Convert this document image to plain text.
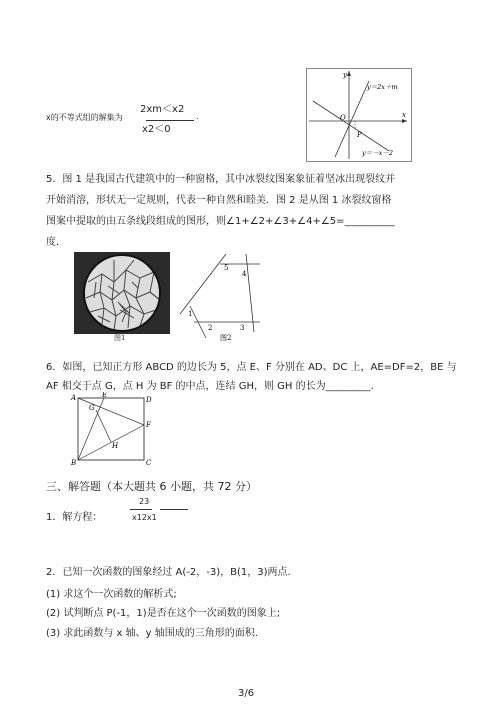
2xm＜x2
x的不等式组的解集为	.
x2＜0
y
x
O
y＝2x＋m
y＝－x－2
P
5．图 1 是我国古代建筑中的一种窗格，其中冰裂纹图案象征着坚冰出现裂纹并
开始消溶，形状无一定规则，代表一种自然和睦美．图 2 是从图 1 冰裂纹窗格
图案中提取的由五条线段组成的图形，则∠1+∠2+∠3+∠4+∠5=__________
度．
图1
1
2	3
4
5
图2
6．如图，已知正方形 ABCD 的边长为 5，点 E、F 分别在 AD、DC 上，AE=DF=2，BE 与
AF 相交于点 G，点 H 为 BF 的中点，连结 GH，则 GH 的长为_________.
A	E
D
G
F
H
B	C
三、解答题（本大题共 6 小题，共 72 分）
1．解方程：
23
x12x1
2．已知一次函数的图象经过 A(-2，-3)，B(1，3)两点.
(1) 求这个一次函数的解析式;
(2) 试判断点 P(-1，1)是否在这个一次函数的图象上;
(3) 求此函数与 x 轴、y 轴围成的三角形的面积.
3/6
